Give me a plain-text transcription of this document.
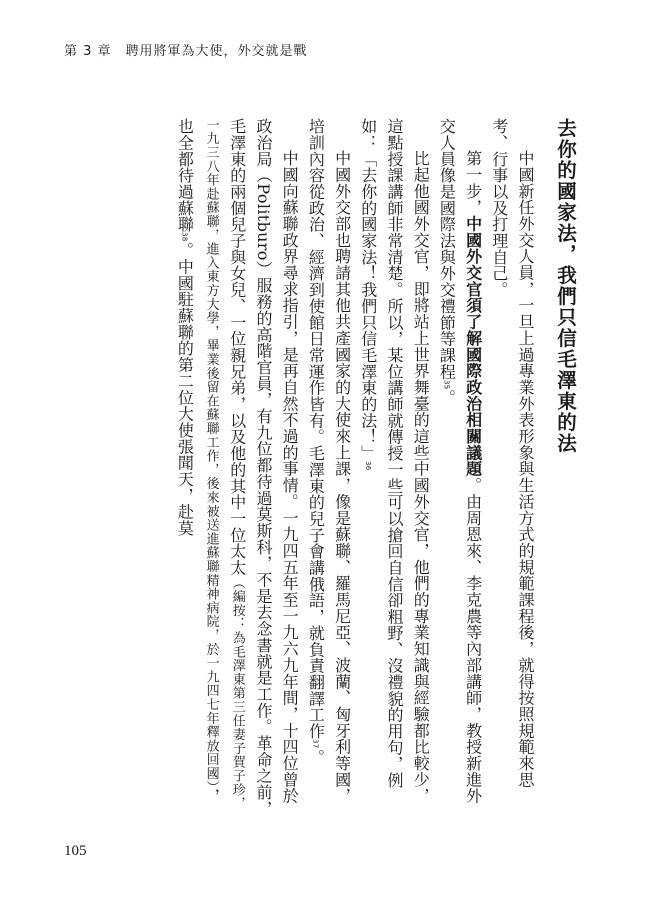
第 3 章　聘用將軍為大使，外交就是戰
去你的國家法，我們只信毛澤東的法

中國新任外交人員，一旦上過專業外表形象與生活方式的規範課程後，就得按照規範來思考、行事以及打理自己。

第一步，中國外交官須了解國際政治相關議題。由周恩來、李克農等內部講師，教授新進外交人員像是國際法與外交禮節等課程35。

比起他國外交官，即將站上世界舞臺的這些中國外交官，他們的專業知識與經驗都比較少，這點授課講師非常清楚。所以，某位講師就傳授一些可以搶回自信卻粗野、沒禮貌的用句，例如：「去你的國家法！我們只信毛澤東的法！」36

中國外交部也聘請其他共產國家的大使來上課，像是蘇聯、羅馬尼亞、波蘭、匈牙利等國，培訓內容從政治、經濟到使館日常運作皆有。毛澤東的兒子會講俄語，就負責翻譯工作37。

中國向蘇聯政界尋求指引，是再自然不過的事情。一九四五年至一九六九年間，十四位曾於政治局（Politburo）服務的高階官員，有九位都待過莫斯科，不是去念書就是工作。革命之前，毛澤東的兩個兒子與女兒、一位親兄弟，以及他的其中一位太太（編按：為毛澤東第三任妻子賀子珍，一九三八年赴蘇聯，進入東方大學，畢業後留在蘇聯工作，後來被送進蘇聯精神病院，於一九四七年釋放回國），也全都待過蘇聯38。中國駐蘇聯的第二位大使張聞天，赴莫

105
